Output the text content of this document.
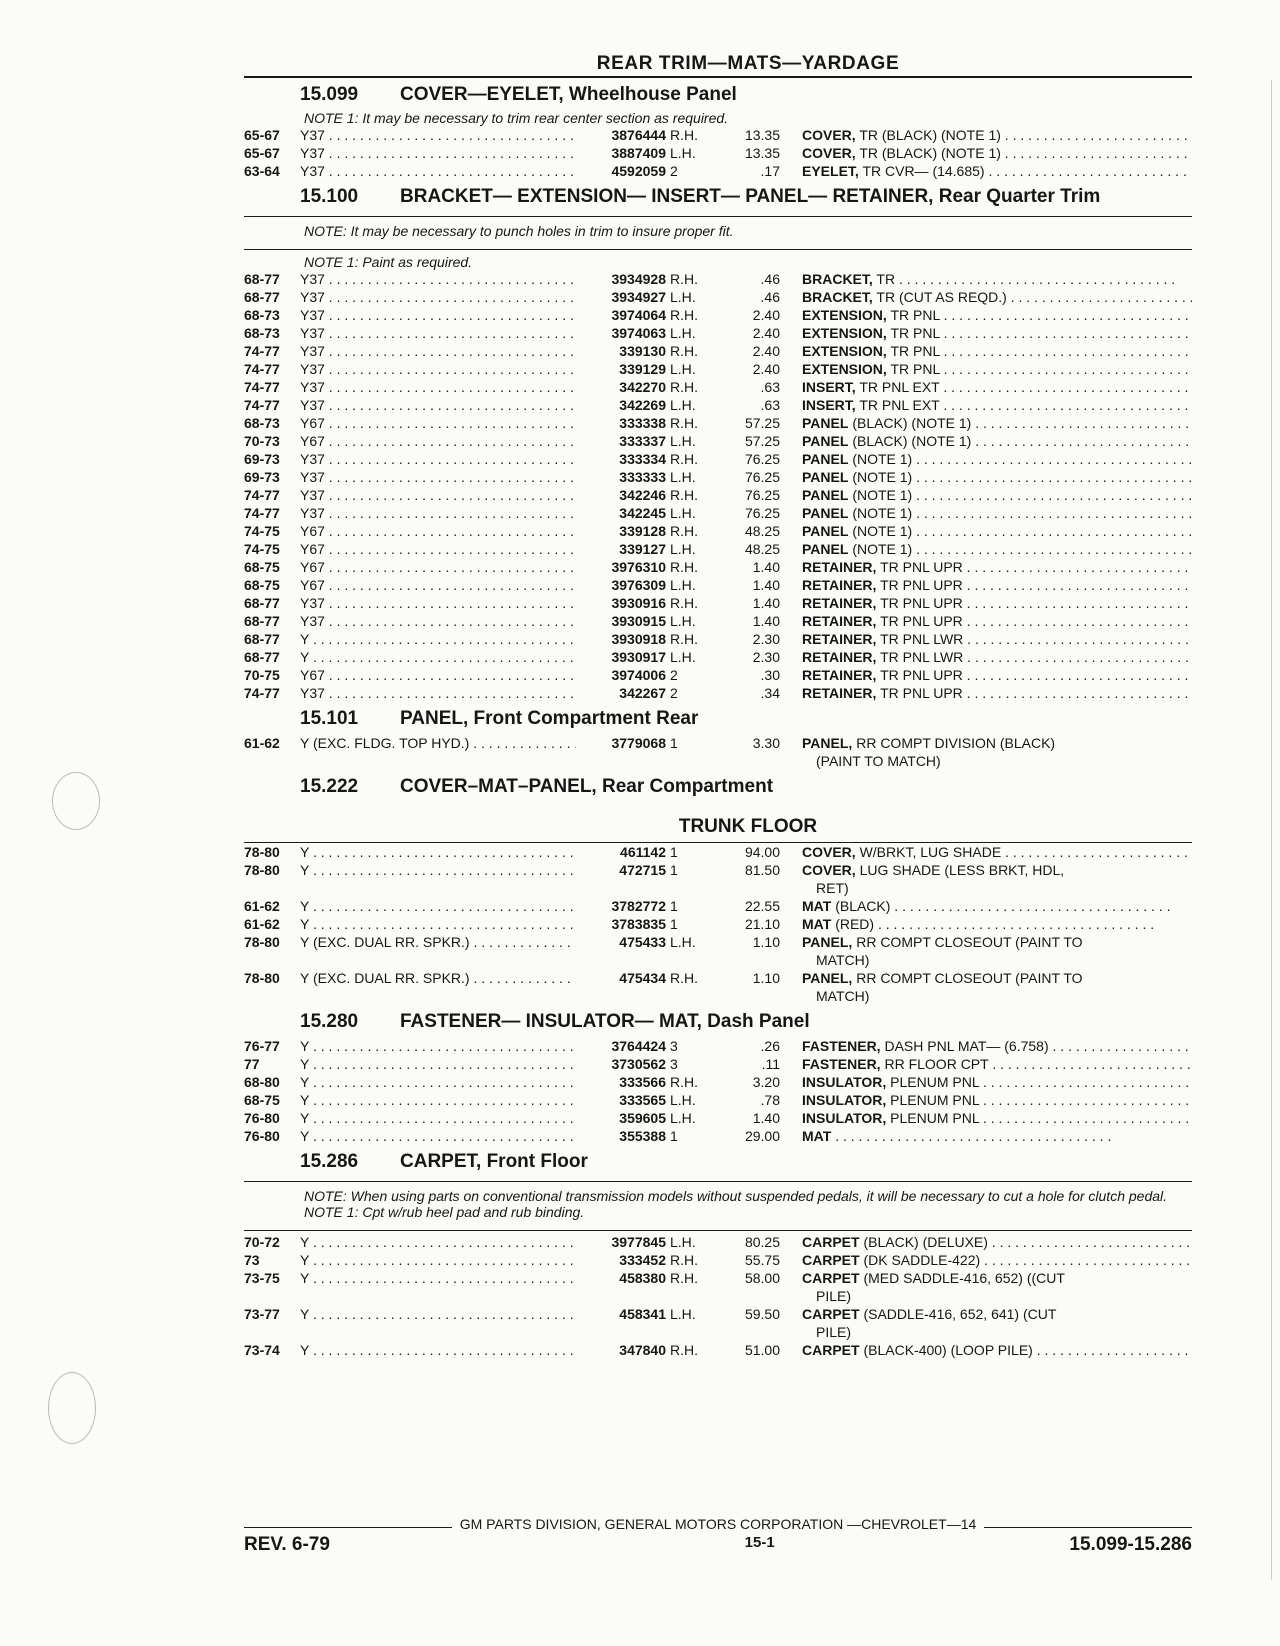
REAR TRIM—MATS—YARDAGE
15.099	COVER—EYELET, Wheelhouse Panel
NOTE 1: It may be necessary to trim rear center section as required.
65-67	Y37 . . .	3876444 R.H.	13.35	COVER, TR (BLACK) (NOTE 1) . . .
65-67	Y37 . . .	3887409 L.H.	13.35	COVER, TR (BLACK) (NOTE 1) . . .
63-64	Y37 . . .	4592059 2	.17	EYELET, TR CVR— (14.685) . . .
15.100	BRACKET— EXTENSION— INSERT— PANEL— RETAINER, Rear Quarter Trim
NOTE: It may be necessary to punch holes in trim to insure proper fit.
NOTE 1: Paint as required.
68-77	Y37 . . .	3934928 R.H.	.46	BRACKET, TR . . .
68-77	Y37 . . .	3934927 L.H.	.46	BRACKET, TR (CUT AS REQD.) . . .
68-73	Y37 . . .	3974064 R.H.	2.40	EXTENSION, TR PNL . . .
68-73	Y37 . . .	3974063 L.H.	2.40	EXTENSION, TR PNL . . .
74-77	Y37 . . .	339130 R.H.	2.40	EXTENSION, TR PNL . . .
74-77	Y37 . . .	339129 L.H.	2.40	EXTENSION, TR PNL . . .
74-77	Y37 . . .	342270 R.H.	.63	INSERT, TR PNL EXT . . .
74-77	Y37 . . .	342269 L.H.	.63	INSERT, TR PNL EXT . . .
68-73	Y67 . . .	333338 R.H.	57.25	PANEL (BLACK) (NOTE 1) . . .
70-73	Y67 . . .	333337 L.H.	57.25	PANEL (BLACK) (NOTE 1) . . .
69-73	Y37 . . .	333334 R.H.	76.25	PANEL (NOTE 1) . . .
69-73	Y37 . . .	333333 L.H.	76.25	PANEL (NOTE 1) . . .
74-77	Y37 . . .	342246 R.H.	76.25	PANEL (NOTE 1) . . .
74-77	Y37 . . .	342245 L.H.	76.25	PANEL (NOTE 1) . . .
74-75	Y67 . . .	339128 R.H.	48.25	PANEL (NOTE 1) . . .
74-75	Y67 . . .	339127 L.H.	48.25	PANEL (NOTE 1) . . .
68-75	Y67 . . .	3976310 R.H.	1.40	RETAINER, TR PNL UPR . . .
68-75	Y67 . . .	3976309 L.H.	1.40	RETAINER, TR PNL UPR . . .
68-77	Y37 . . .	3930916 R.H.	1.40	RETAINER, TR PNL UPR . . .
68-77	Y37 . . .	3930915 L.H.	1.40	RETAINER, TR PNL UPR . . .
68-77	Y . . .	3930918 R.H.	2.30	RETAINER, TR PNL LWR . . .
68-77	Y . . .	3930917 L.H.	2.30	RETAINER, TR PNL LWR . . .
70-75	Y67 . . .	3974006 2	.30	RETAINER, TR PNL UPR . . .
74-77	Y37 . . .	342267 2	.34	RETAINER, TR PNL UPR . . .
15.101	PANEL, Front Compartment Rear
61-62	Y (EXC. FLDG. TOP HYD.) . . .	3779068 1	3.30	PANEL, RR COMPT DIVISION (BLACK)
(PAINT TO MATCH)
15.222	COVER–MAT–PANEL, Rear Compartment
TRUNK FLOOR
78-80	Y . . .	461142 1	94.00	COVER, W/BRKT, LUG SHADE . . .
78-80	Y . . .	472715 1	81.50	COVER, LUG SHADE (LESS BRKT, HDL,
RET)
61-62	Y . . .	3782772 1	22.55	MAT (BLACK) . . .
61-62	Y . . .	3783835 1	21.10	MAT (RED) . . .
78-80	Y (EXC. DUAL RR. SPKR.) . . .	475433 L.H.	1.10	PANEL, RR COMPT CLOSEOUT (PAINT TO
MATCH)
78-80	Y (EXC. DUAL RR. SPKR.) . . .	475434 R.H.	1.10	PANEL, RR COMPT CLOSEOUT (PAINT TO
MATCH)
15.280	FASTENER— INSULATOR— MAT, Dash Panel
76-77	Y . . .	3764424 3	.26	FASTENER, DASH PNL MAT— (6.758) . . .
77	Y . . .	3730562 3	.11	FASTENER, RR FLOOR CPT . . .
68-80	Y . . .	333566 R.H.	3.20	INSULATOR, PLENUM PNL . . .
68-75	Y . . .	333565 L.H.	.78	INSULATOR, PLENUM PNL . . .
76-80	Y . . .	359605 L.H.	1.40	INSULATOR, PLENUM PNL . . .
76-80	Y . . .	355388 1	29.00	MAT . . .
15.286	CARPET, Front Floor
NOTE: When using parts on conventional transmission models without suspended pedals, it will be necessary to cut a hole for clutch pedal.
NOTE 1: Cpt w/rub heel pad and rub binding.
70-72	Y . . .	3977845 L.H.	80.25	CARPET (BLACK) (DELUXE) . . .
73	Y . . .	333452 R.H.	55.75	CARPET (DK SADDLE-422) . . .
73-75	Y . . .	458380 R.H.	58.00	CARPET (MED SADDLE-416, 652) ((CUT
PILE)
73-77	Y . . .	458341 L.H.	59.50	CARPET (SADDLE-416, 652, 641) (CUT
PILE)
73-74	Y . . .	347840 R.H.	51.00	CARPET (BLACK-400) (LOOP PILE) . . .
GM PARTS DIVISION, GENERAL MOTORS CORPORATION —CHEVROLET—14
REV. 6-79	15-1	15.099-15.286
